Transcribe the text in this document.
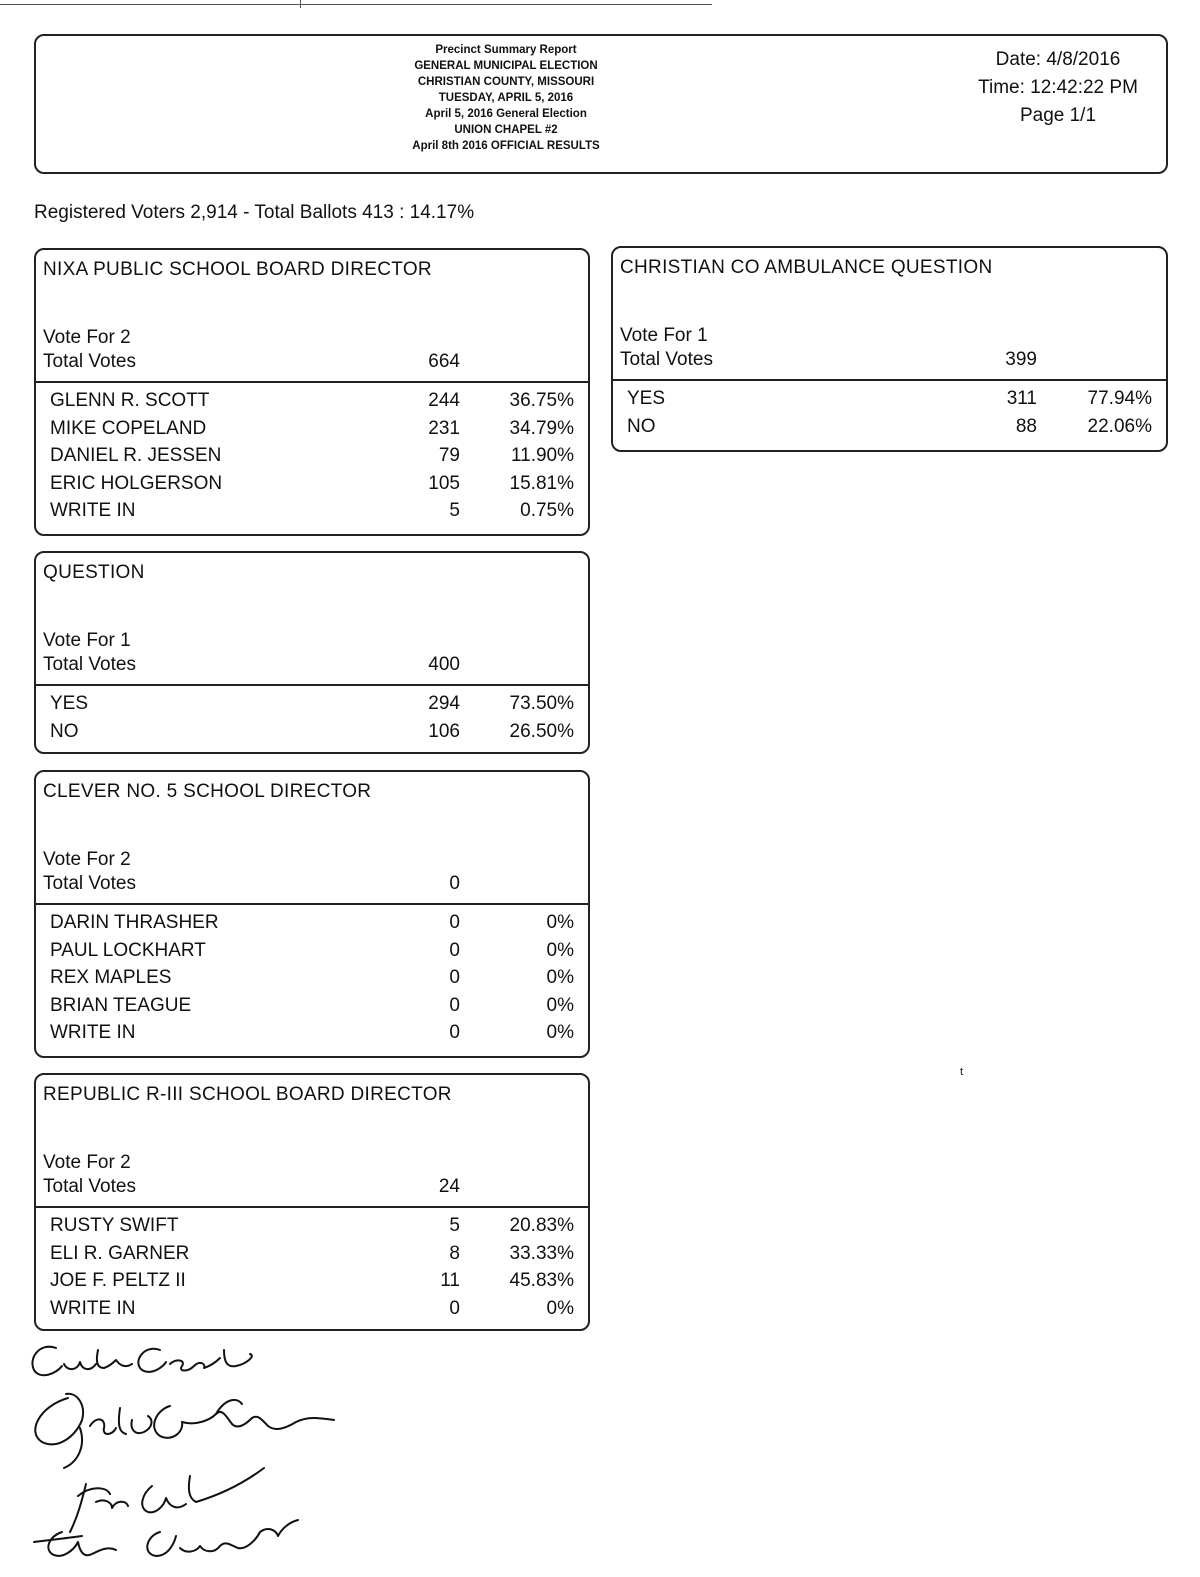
Precinct Summary Report
GENERAL MUNICIPAL ELECTION
CHRISTIAN COUNTY, MISSOURI
TUESDAY, APRIL 5, 2016
April 5, 2016 General Election
UNION CHAPEL #2
April 8th 2016 OFFICIAL RESULTS
Date: 4/8/2016
Time: 12:42:22 PM
Page 1/1
Registered Voters 2,914 - Total Ballots 413 : 14.17%
NIXA PUBLIC SCHOOL BOARD DIRECTOR
Vote For 2
Total Votes	664
GLENN R. SCOTT	244	36.75%
MIKE COPELAND	231	34.79%
DANIEL R. JESSEN	79	11.90%
ERIC HOLGERSON	105	15.81%
WRITE IN	5	0.75%
CHRISTIAN CO AMBULANCE QUESTION
Vote For 1
Total Votes	399
YES	311	77.94%
NO	88	22.06%
QUESTION
Vote For 1
Total Votes	400
YES	294	73.50%
NO	106	26.50%
CLEVER NO. 5 SCHOOL DIRECTOR
Vote For 2
Total Votes	0
DARIN THRASHER	0	0%
PAUL LOCKHART	0	0%
REX MAPLES	0	0%
BRIAN TEAGUE	0	0%
WRITE IN	0	0%
REPUBLIC R-III SCHOOL BOARD DIRECTOR
Vote For 2
Total Votes	24
RUSTY SWIFT	5	20.83%
ELI R. GARNER	8	33.33%
JOE F. PELTZ II	11	45.83%
WRITE IN	0	0%
t
